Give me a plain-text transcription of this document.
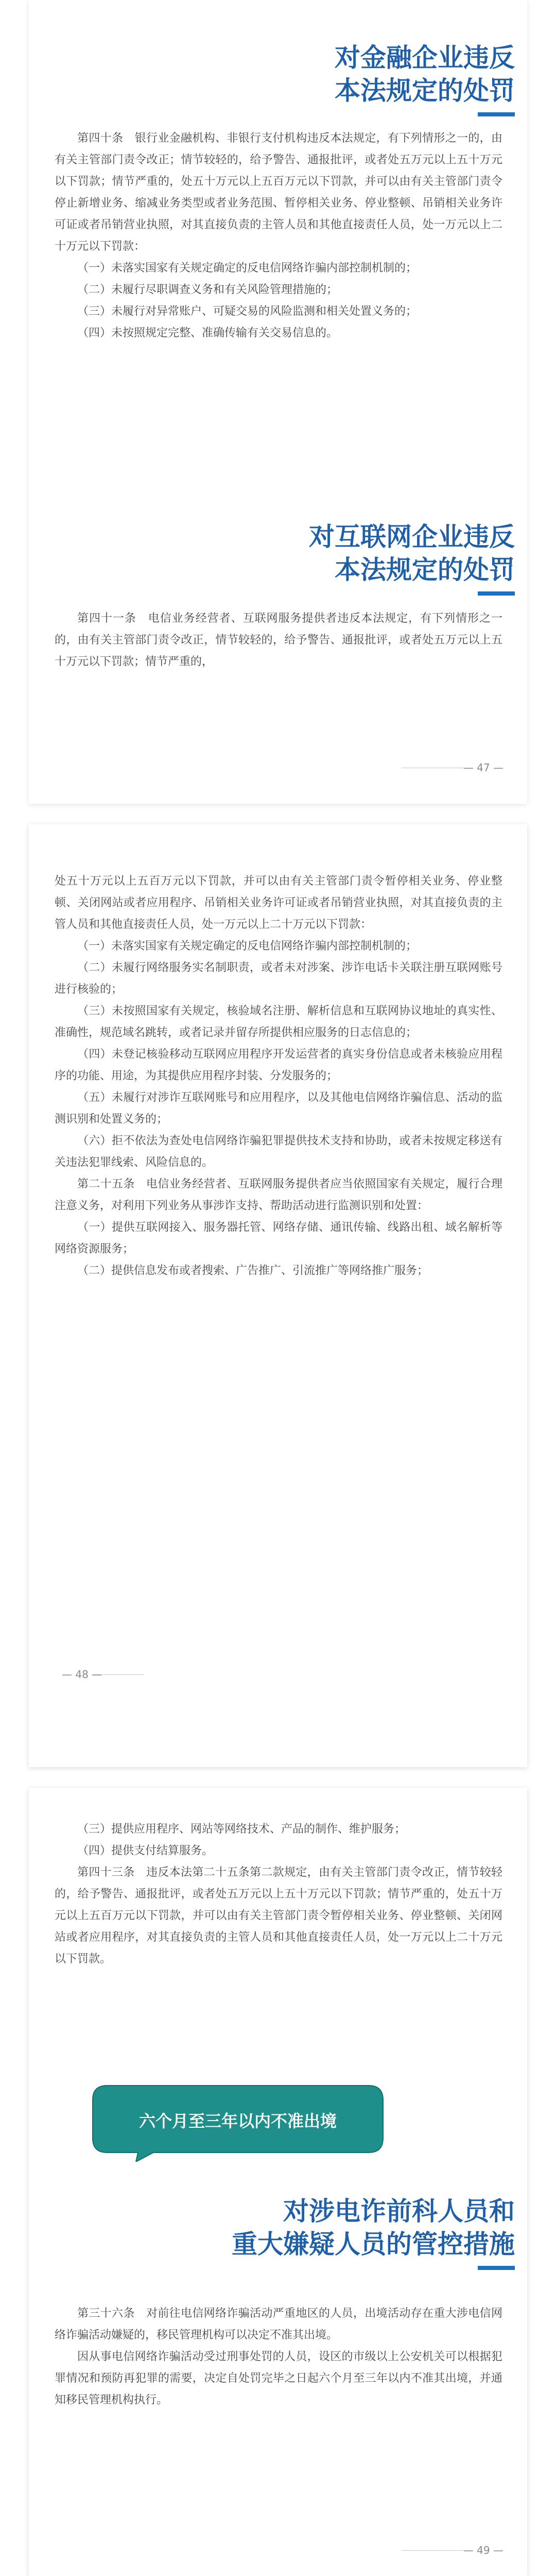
对金融企业违反
本法规定的处罚

第四十条　银行业金融机构、非银行支付机构违反本法规定，有下列情形之一的，由有关主管部门责令改正；情节较轻的，给予警告、通报批评，或者处五万元以上五十万元以下罚款；情节严重的，处五十万元以上五百万元以下罚款，并可以由有关主管部门责令停止新增业务、缩减业务类型或者业务范围、暂停相关业务、停业整顿、吊销相关业务许可证或者吊销营业执照，对其直接负责的主管人员和其他直接责任人员，处一万元以上二十万元以下罚款：

（一）未落实国家有关规定确定的反电信网络诈骗内部控制机制的；

（二）未履行尽职调查义务和有关风险管理措施的；

（三）未履行对异常账户、可疑交易的风险监测和相关处置义务的；

（四）未按照规定完整、准确传输有关交易信息的。

对互联网企业违反
本法规定的处罚

第四十一条　电信业务经营者、互联网服务提供者违反本法规定，有下列情形之一的，由有关主管部门责令改正，情节较轻的，给予警告、通报批评，或者处五万元以上五十万元以下罚款；情节严重的，

— 47 —

处五十万元以上五百万元以下罚款，并可以由有关主管部门责令暂停相关业务、停业整顿、关闭网站或者应用程序、吊销相关业务许可证或者吊销营业执照，对其直接负责的主管人员和其他直接责任人员，处一万元以上二十万元以下罚款：

（一）未落实国家有关规定确定的反电信网络诈骗内部控制机制的；

（二）未履行网络服务实名制职责，或者未对涉案、涉诈电话卡关联注册互联网账号进行核验的；

（三）未按照国家有关规定，核验域名注册、解析信息和互联网协议地址的真实性、准确性，规范域名跳转，或者记录并留存所提供相应服务的日志信息的；

（四）未登记核验移动互联网应用程序开发运营者的真实身份信息或者未核验应用程序的功能、用途，为其提供应用程序封装、分发服务的；

（五）未履行对涉诈互联网账号和应用程序，以及其他电信网络诈骗信息、活动的监测识别和处置义务的；

（六）拒不依法为查处电信网络诈骗犯罪提供技术支持和协助，或者未按规定移送有关违法犯罪线索、风险信息的。

第二十五条　电信业务经营者、互联网服务提供者应当依照国家有关规定，履行合理注意义务，对利用下列业务从事涉诈支持、帮助活动进行监测识别和处置：

（一）提供互联网接入、服务器托管、网络存储、通讯传输、线路出租、域名解析等网络资源服务；

（二）提供信息发布或者搜索、广告推广、引流推广等网络推广服务；

— 48 —

（三）提供应用程序、网站等网络技术、产品的制作、维护服务；

（四）提供支付结算服务。

第四十三条　违反本法第二十五条第二款规定，由有关主管部门责令改正，情节较轻的，给予警告、通报批评，或者处五万元以上五十万元以下罚款；情节严重的，处五十万元以上五百万元以下罚款，并可以由有关主管部门责令暂停相关业务、停业整顿、关闭网站或者应用程序，对其直接负责的主管人员和其他直接责任人员，处一万元以上二十万元以下罚款。

六个月至三年以内不准出境
对涉电诈前科人员和
重大嫌疑人员的管控措施

第三十六条　对前往电信网络诈骗活动严重地区的人员，出境活动存在重大涉电信网络诈骗活动嫌疑的，移民管理机构可以决定不准其出境。

因从事电信网络诈骗活动受过刑事处罚的人员，设区的市级以上公安机关可以根据犯罪情况和预防再犯罪的需要，决定自处罚完毕之日起六个月至三年以内不准其出境，并通知移民管理机构执行。

— 49 —
